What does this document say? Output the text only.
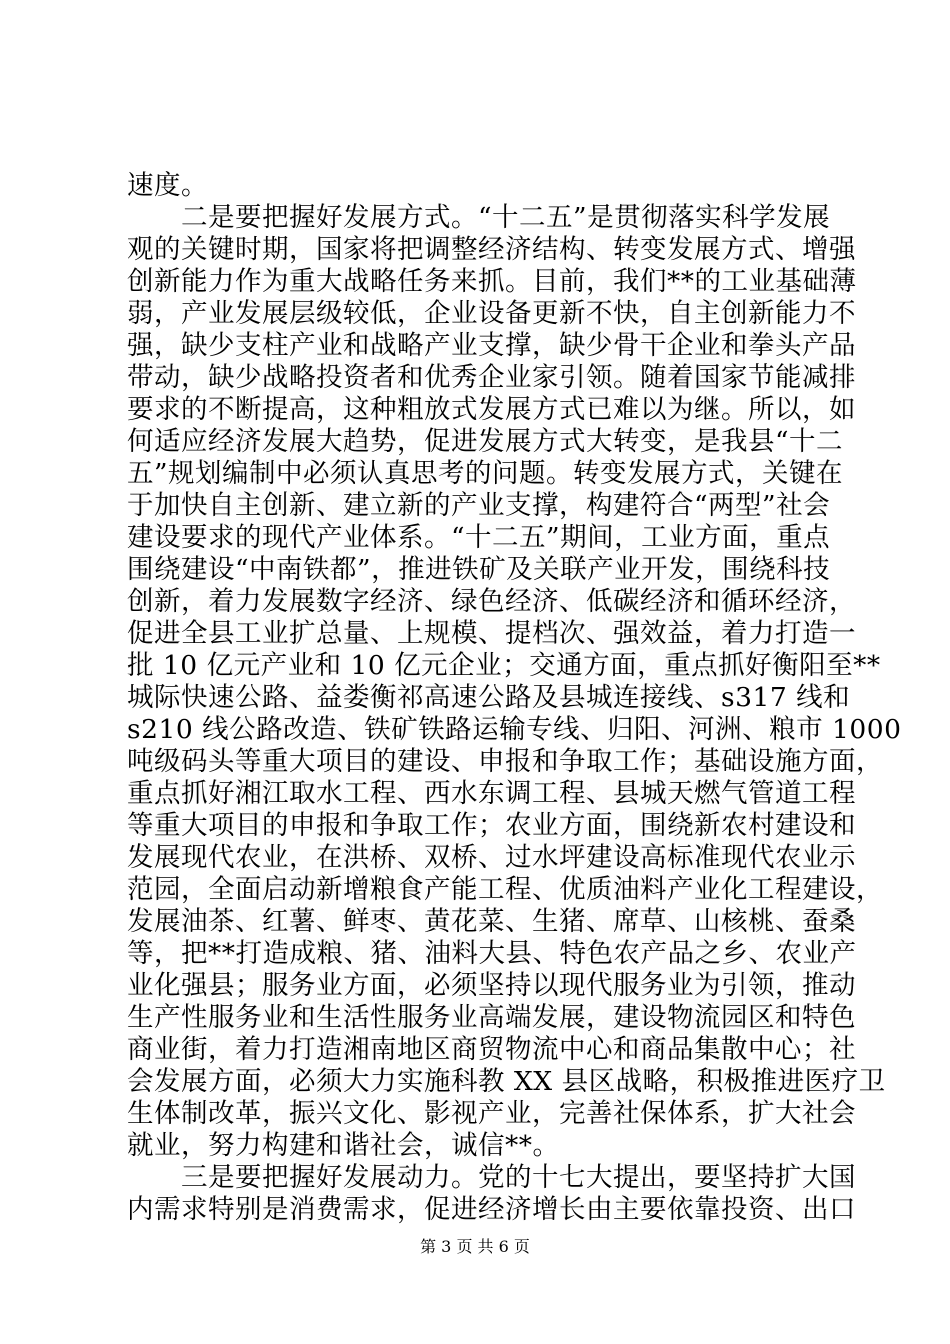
速度。
　　二是要把握好发展方式。“十二五”是贯彻落实科学发展
观的关键时期，国家将把调整经济结构、转变发展方式、增强
创新能力作为重大战略任务来抓。目前，我们**的工业基础薄
弱，产业发展层级较低，企业设备更新不快，自主创新能力不
强，缺少支柱产业和战略产业支撑，缺少骨干企业和拳头产品
带动，缺少战略投资者和优秀企业家引领。随着国家节能减排
要求的不断提高，这种粗放式发展方式已难以为继。所以，如
何适应经济发展大趋势，促进发展方式大转变，是我县“十二
五”规划编制中必须认真思考的问题。转变发展方式，关键在
于加快自主创新、建立新的产业支撑，构建符合“两型”社会
建设要求的现代产业体系。“十二五”期间，工业方面，重点
围绕建设“中南铁都”，推进铁矿及关联产业开发，围绕科技
创新，着力发展数字经济、绿色经济、低碳经济和循环经济，
促进全县工业扩总量、上规模、提档次、强效益，着力打造一
批 10 亿元产业和 10 亿元企业；交通方面，重点抓好衡阳至**
城际快速公路、益娄衡祁高速公路及县城连接线、s317 线和
s210 线公路改造、铁矿铁路运输专线、归阳、河洲、粮市 1000
吨级码头等重大项目的建设、申报和争取工作；基础设施方面，
重点抓好湘江取水工程、西水东调工程、县城天燃气管道工程
等重大项目的申报和争取工作；农业方面，围绕新农村建设和
发展现代农业，在洪桥、双桥、过水坪建设高标准现代农业示
范园，全面启动新增粮食产能工程、优质油料产业化工程建设，
发展油茶、红薯、鲜枣、黄花菜、生猪、席草、山核桃、蚕桑
等，把**打造成粮、猪、油料大县、特色农产品之乡、农业产
业化强县；服务业方面，必须坚持以现代服务业为引领，推动
生产性服务业和生活性服务业高端发展，建设物流园区和特色
商业街，着力打造湘南地区商贸物流中心和商品集散中心；社
会发展方面，必须大力实施科教 XX 县区战略，积极推进医疗卫
生体制改革，振兴文化、影视产业，完善社保体系，扩大社会
就业，努力构建和谐社会，诚信**。
　　三是要把握好发展动力。党的十七大提出，要坚持扩大国
内需求特别是消费需求，促进经济增长由主要依靠投资、出口
第 3 页 共 6 页
